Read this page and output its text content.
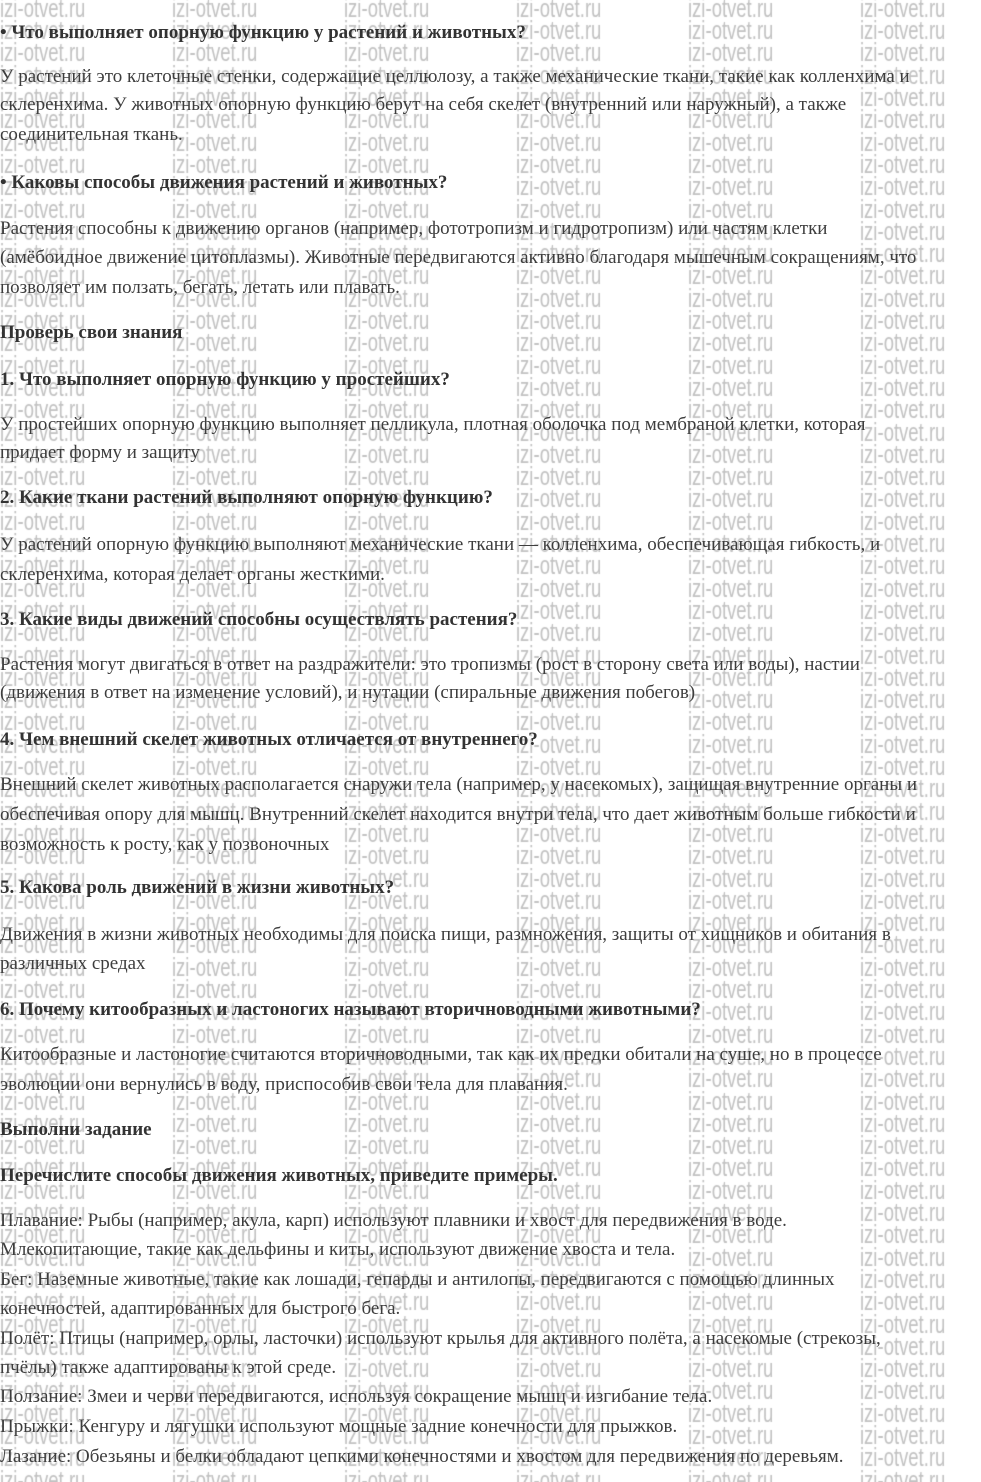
• Что выполняет опорную функцию у растений и животных?
У растений это клеточные стенки, содержащие целлюлозу, а также механические ткани, такие как колленхима и
склеренхима. У животных опорную функцию берут на себя скелет (внутренний или наружный), а также
соединительная ткань.
• Каковы способы движения растений и животных?
Растения способны к движению органов (например, фототропизм и гидротропизм) или частям клетки
(амёбоидное движение цитоплазмы). Животные передвигаются активно благодаря мышечным сокращениям, что
позволяет им ползать, бегать, летать или плавать.
Проверь свои знания
1. Что выполняет опорную функцию у простейших?
У простейших опорную функцию выполняет пелликула, плотная оболочка под мембраной клетки, которая
придает форму и защиту
2. Какие ткани растений выполняют опорную функцию?
У растений опорную функцию выполняют механические ткани — колленхима, обеспечивающая гибкость, и
склеренхима, которая делает органы жесткими.
3. Какие виды движений способны осуществлять растения?
Растения могут двигаться в ответ на раздражители: это тропизмы (рост в сторону света или воды), настии
(движения в ответ на изменение условий), и нутации (спиральные движения побегов)
4. Чем внешний скелет животных отличается от внутреннего?
Внешний скелет животных располагается снаружи тела (например, у насекомых), защищая внутренние органы и
обеспечивая опору для мышц. Внутренний скелет находится внутри тела, что дает животным больше гибкости и
возможность к росту, как у позвоночных
5. Какова роль движений в жизни животных?
Движения в жизни животных необходимы для поиска пищи, размножения, защиты от хищников и обитания в
различных средах
6. Почему китообразных и ластоногих называют вторичноводными животными?
Китообразные и ластоногие считаются вторичноводными, так как их предки обитали на суше, но в процессе
эволюции они вернулись в воду, приспособив свои тела для плавания.
Выполни задание
Перечислите способы движения животных, приведите примеры.
Плавание: Рыбы (например, акула, карп) используют плавники и хвост для передвижения в воде.
Млекопитающие, такие как дельфины и киты, используют движение хвоста и тела.
Бег: Наземные животные, такие как лошади, гепарды и антилопы, передвигаются с помощью длинных
конечностей, адаптированных для быстрого бега.
Полёт: Птицы (например, орлы, ласточки) используют крылья для активного полёта, а насекомые (стрекозы,
пчёлы) также адаптированы к этой среде.
Ползание: Змеи и черви передвигаются, используя сокращение мышц и изгибание тела.
Прыжки: Кенгуру и лягушки используют мощные задние конечности для прыжков.
Лазание: Обезьяны и белки обладают цепкими конечностями и хвостом для передвижения по деревьям.
